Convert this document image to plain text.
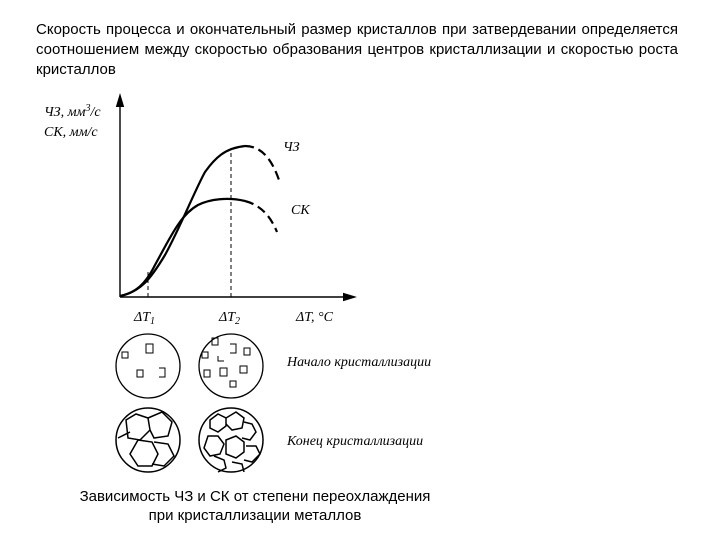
Скорость процесса и окончательный размер кристаллов при затвердевании определяется соотношением между скоростью образования центров кристаллизации и скоростью роста кристаллов
ЧЗ, $мм^3/с$
СК, мм/с
ΔT, °C
$\Delta T_1$	$\Delta T_2$
ЧЗ
СК
Начало кристаллизации
Конец кристаллизации
Зависимость ЧЗ и СК от степени переохлаждения
при кристаллизации металлов
